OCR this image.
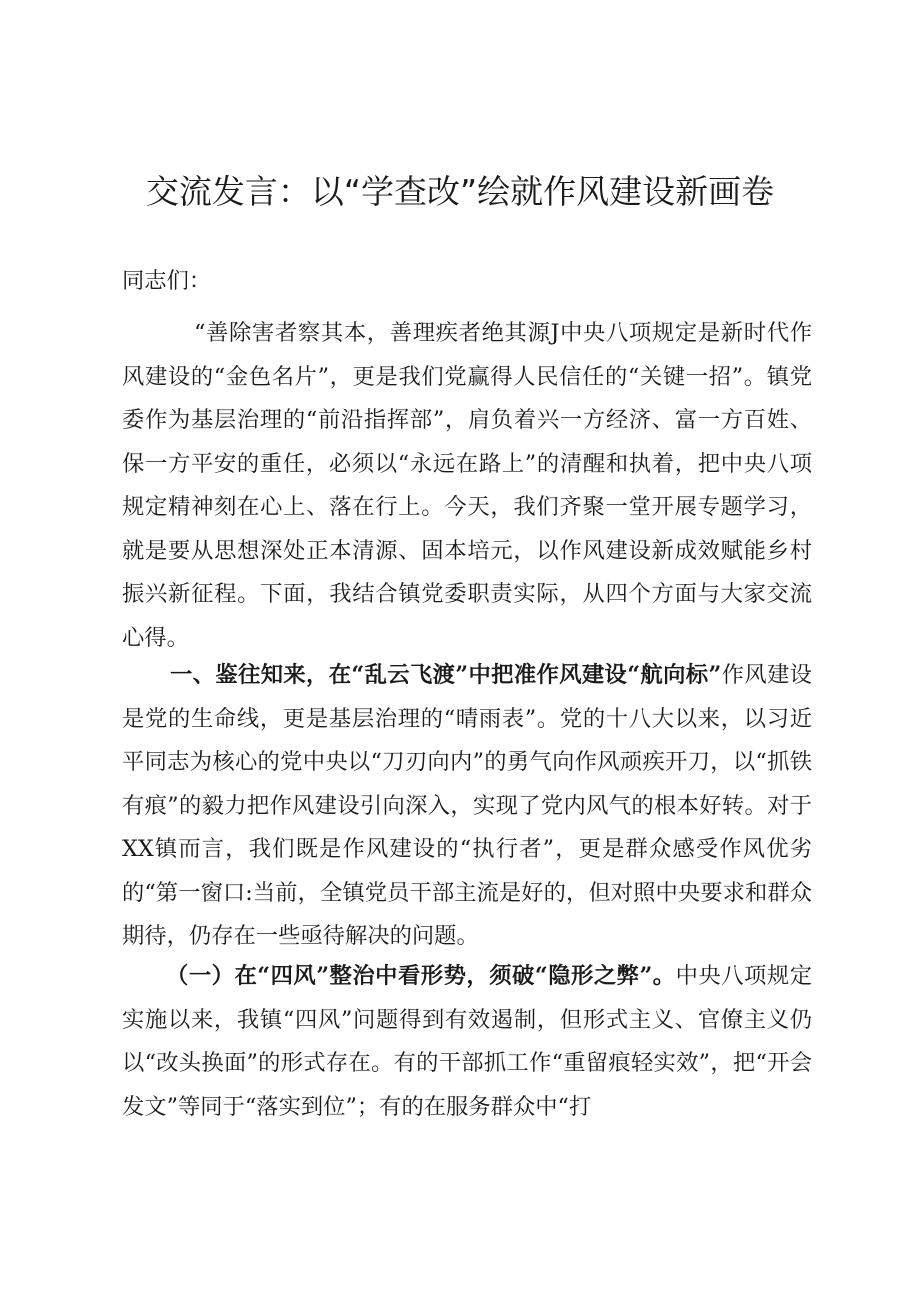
交流发言：以“学查改”绘就作风建设新画卷

同志们：

“善除害者察其本，善理疾者绝其源J中央八项规定是新时代作风建设的“金色名片”，更是我们党赢得人民信任的“关键一招”。镇党委作为基层治理的“前沿指挥部”，肩负着兴一方经济、富一方百姓、保一方平安的重任，必须以“永远在路上”的清醒和执着，把中央八项规定精神刻在心上、落在行上。今天，我们齐聚一堂开展专题学习，就是要从思想深处正本清源、固本培元，以作风建设新成效赋能乡村振兴新征程。下面，我结合镇党委职责实际，从四个方面与大家交流心得。

一、鉴往知来，在“乱云飞渡”中把准作风建设“航向标”作风建设是党的生命线，更是基层治理的“晴雨表”。党的十八大以来，以习近平同志为核心的党中央以“刀刃向内”的勇气向作风顽疾开刀，以“抓铁有痕”的毅力把作风建设引向深入，实现了党内风气的根本好转。对于XX镇而言，我们既是作风建设的“执行者”，更是群众感受作风优劣的“第一窗口:当前，全镇党员干部主流是好的，但对照中央要求和群众期待，仍存在一些亟待解决的问题。

（一）在“四风”整治中看形势，须破“隐形之弊”。中央八项规定实施以来，我镇“四风”问题得到有效遏制，但形式主义、官僚主义仍以“改头换面”的形式存在。有的干部抓工作“重留痕轻实效”，把“开会发文”等同于“落实到位”；有的在服务群众中“打
